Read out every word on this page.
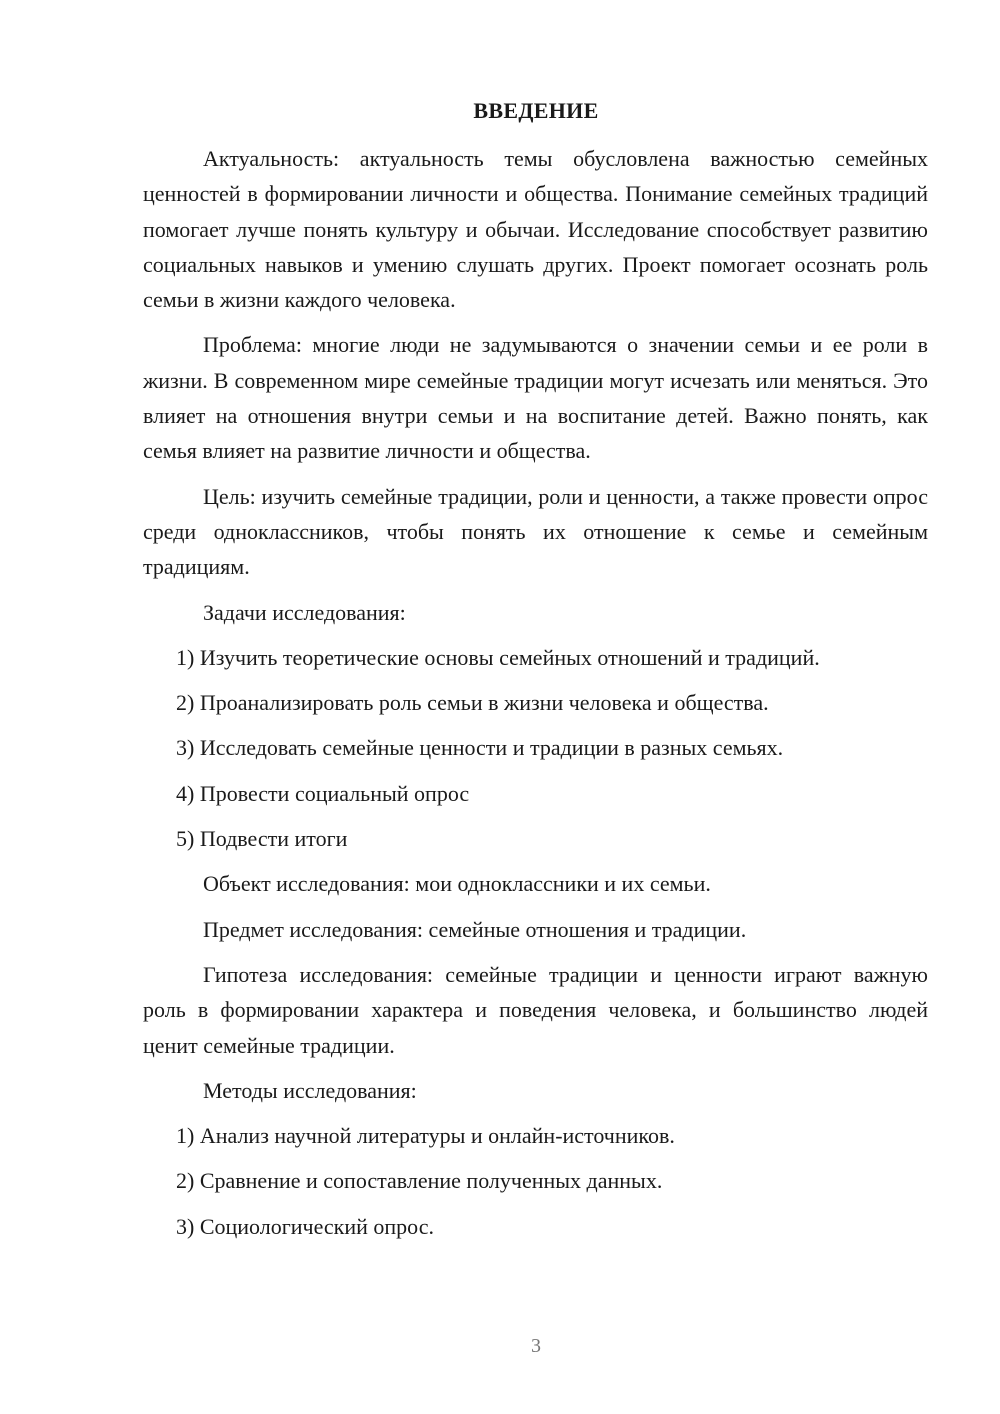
ВВЕДЕНИЕ

Актуальность: актуальность темы обусловлена важностью семейных ценностей в формировании личности и общества. Понимание семейных традиций помогает лучше понять культуру и обычаи. Исследование способствует развитию социальных навыков и умению слушать других. Проект помогает осознать роль семьи в жизни каждого человека.

Проблема: многие люди не задумываются о значении семьи и ее роли в жизни. В современном мире семейные традиции могут исчезать или меняться. Это влияет на отношения внутри семьи и на воспитание детей. Важно понять, как семья влияет на развитие личности и общества.

Цель: изучить семейные традиции, роли и ценности, а также провести опрос среди одноклассников, чтобы понять их отношение к семье и семейным традициям.

Задачи исследования:
1) Изучить теоретические основы семейных отношений и традиций.
2) Проанализировать роль семьи в жизни человека и общества.
3) Исследовать семейные ценности и традиции в разных семьях.
4) Провести социальный опрос
5) Подвести итоги
Объект исследования: мои одноклассники и их семьи.
Предмет исследования: семейные отношения и традиции.

Гипотеза исследования: семейные традиции и ценности играют важную роль в формировании характера и поведения человека, и большинство людей ценит семейные традиции.

Методы исследования:
1) Анализ научной литературы и онлайн-источников.
2) Сравнение и сопоставление полученных данных.
3) Социологический опрос.
3
